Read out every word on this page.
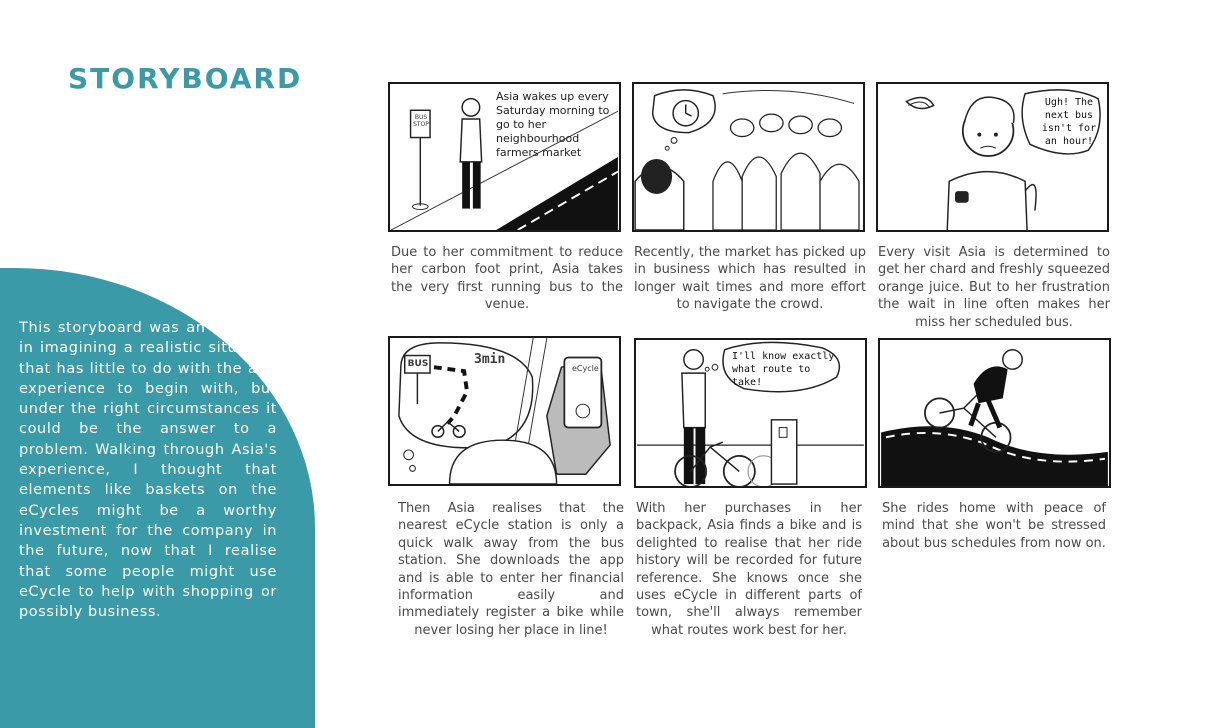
STORYBOARD
This storyboard was an exercise in imagining a realistic situation that has little to do with the app experience to begin with, but under the right circumstances it could be the answer to a problem. Walking through Asia's experience, I thought that elements like baskets on the eCycles might be a worthy investment for the company in the future, now that I realise that some people might use eCycle to help with shopping or possibly business.
Asia wakes up every Saturday morning to go to her neighbourhood farmers market
BUS STOP
Due to her commitment to reduce her carbon foot print, Asia takes the very first running bus to the venue.
Recently, the market has picked up in business which has resulted in longer wait times and more effort to navigate the crowd.
Ugh! The next bus isn't for an hour!
Every visit Asia is determined to get her chard and freshly squeezed orange juice. But to her frustration the wait in line often makes her miss her scheduled bus.
BUS	3min
eCycle
Then Asia realises that the nearest eCycle station is only a quick walk away from the bus station. She downloads the app and is able to enter her financial information easily and immediately register a bike while never losing her place in line!
I'll know exactly what route to take!
With her purchases in her backpack, Asia finds a bike and is delighted to realise that her ride history will be recorded for future reference. She knows once she uses eCycle in different parts of town, she'll always remember what routes work best for her.
She rides home with peace of mind that she won't be stressed about bus schedules from now on.
